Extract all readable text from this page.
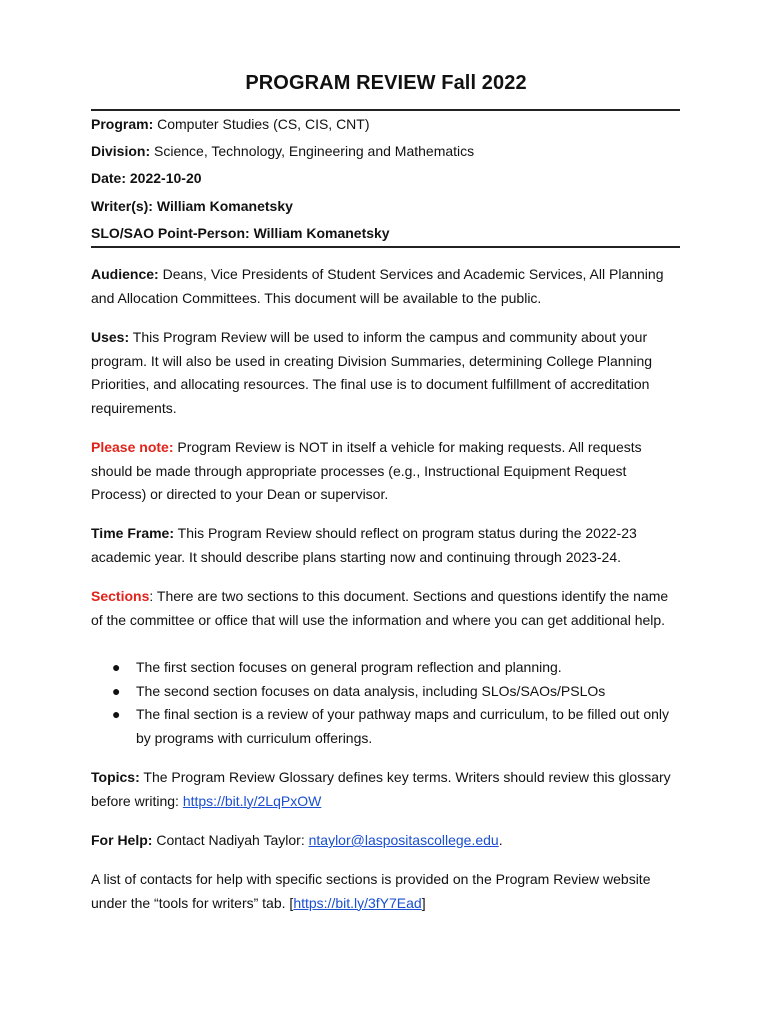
PROGRAM REVIEW Fall 2022
Program: Computer Studies (CS, CIS, CNT)
Division: Science, Technology, Engineering and Mathematics
Date: 2022-10-20
Writer(s): William Komanetsky
SLO/SAO Point-Person: William Komanetsky
Audience: Deans, Vice Presidents of Student Services and Academic Services, All Planning and Allocation Committees. This document will be available to the public.
Uses: This Program Review will be used to inform the campus and community about your program. It will also be used in creating Division Summaries, determining College Planning Priorities, and allocating resources. The final use is to document fulfillment of accreditation requirements.
Please note: Program Review is NOT in itself a vehicle for making requests. All requests should be made through appropriate processes (e.g., Instructional Equipment Request Process) or directed to your Dean or supervisor.
Time Frame: This Program Review should reflect on program status during the 2022-23 academic year. It should describe plans starting now and continuing through 2023-24.
Sections: There are two sections to this document. Sections and questions identify the name of the committee or office that will use the information and where you can get additional help.
● The first section focuses on general program reflection and planning.
● The second section focuses on data analysis, including SLOs/SAOs/PSLOs
● The final section is a review of your pathway maps and curriculum, to be filled out only by programs with curriculum offerings.
Topics: The Program Review Glossary defines key terms. Writers should review this glossary before writing: https://bit.ly/2LqPxOW
For Help: Contact Nadiyah Taylor: ntaylor@laspositascollege.edu.
A list of contacts for help with specific sections is provided on the Program Review website under the “tools for writers” tab. [https://bit.ly/3fY7Ead]
